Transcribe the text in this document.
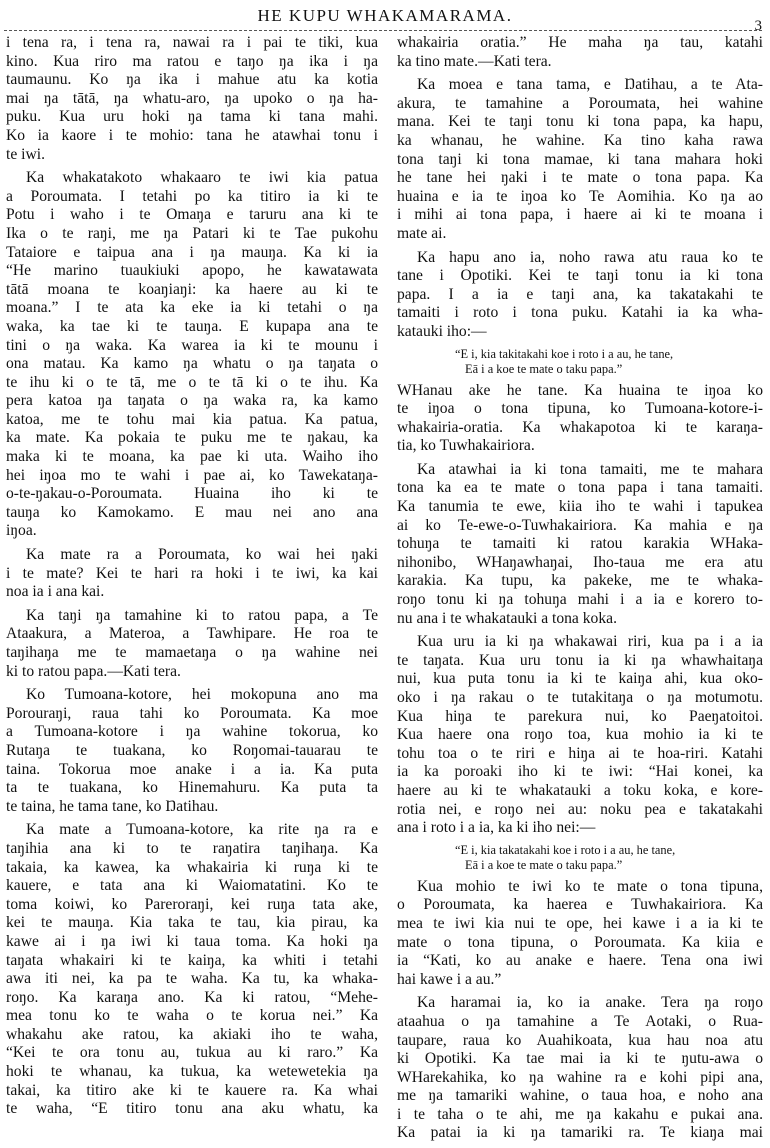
HE KUPU WHAKAMARAMA.
3
i tena ra, i tena ra, nawai ra i pai te tiki, kua
kino. Kua riro ma ratou e taŋo ŋa ika i ŋa
taumaunu. Ko ŋa ika i mahue atu ka kotia
mai ŋa tātā, ŋa whatu-aro, ŋa upoko o ŋa ha-
puku. Kua uru hoki ŋa tama ki tana mahi.
Ko ia kaore i te mohio: tana he atawhai tonu i
te iwi.
Ka whakatakoto whakaaro te iwi kia patua
a Poroumata. I tetahi po ka titiro ia ki te
Potu i waho i te Omaŋa e taruru ana ki te
Ika o te raŋi, me ŋa Patari ki te Tae pukohu
Tataiore e taipua ana i ŋa mauŋa. Ka ki ia
“He marino tuaukiuki apopo, he kawatawata
tātā moana te koaŋiaŋi: ka haere au ki te
moana.” I te ata ka eke ia ki tetahi o ŋa
waka, ka tae ki te tauŋa. E kupapa ana te
tini o ŋa waka. Ka warea ia ki te mounu i
ona matau. Ka kamo ŋa whatu o ŋa taŋata o
te ihu ki o te tā, me o te tā ki o te ihu. Ka
pera katoa ŋa taŋata o ŋa waka ra, ka kamo
katoa, me te tohu mai kia patua. Ka patua,
ka mate. Ka pokaia te puku me te ŋakau, ka
maka ki te moana, ka pae ki uta. Waiho iho
hei iŋoa mo te wahi i pae ai, ko Tawekataŋa-
o-te-ŋakau-o-Poroumata. Huaina iho ki te
tauŋa ko Kamokamo. E mau nei ano ana
iŋoa.
Ka mate ra a Poroumata, ko wai hei ŋaki
i te mate? Kei te hari ra hoki i te iwi, ka kai
noa ia i ana kai.
Ka taŋi ŋa tamahine ki to ratou papa, a Te
Ataakura, a Materoa, a Tawhipare. He roa te
taŋihaŋa me te mamaetaŋa o ŋa wahine nei
ki to ratou papa.—Kati tera.
Ko Tumoana-kotore, hei mokopuna ano ma
Porouraŋi, raua tahi ko Poroumata. Ka moe
a Tumoana-kotore i ŋa wahine tokorua, ko
Rutaŋa te tuakana, ko Roŋomai-tauarau te
taina. Tokorua moe anake i a ia. Ka puta
ta te tuakana, ko Hinemahuru. Ka puta ta
te taina, he tama tane, ko Ŋatihau.
Ka mate a Tumoana-kotore, ka rite ŋa ra e
taŋihia ana ki to te raŋatira taŋihaŋa. Ka
takaia, ka kawea, ka whakairia ki ruŋa ki te
kauere, e tata ana ki Waiomatatini. Ko te
toma koiwi, ko Pareroraŋi, kei ruŋa tata ake,
kei te mauŋa. Kia taka te tau, kia pirau, ka
kawe ai i ŋa iwi ki taua toma. Ka hoki ŋa
taŋata whakairi ki te kaiŋa, ka whiti i tetahi
awa iti nei, ka pa te waha. Ka tu, ka whaka-
roŋo. Ka karaŋa ano. Ka ki ratou, “Mehe-
mea tonu ko te waha o te korua nei.” Ka
whakahu ake ratou, ka akiaki iho te waha,
“Kei te ora tonu au, tukua au ki raro.” Ka
hoki te whanau, ka tukua, ka wetewetekia ŋa
takai, ka titiro ake ki te kauere ra. Ka whai
te waha, “E titiro tonu ana aku whatu, ka
whakairia oratia.” He maha ŋa tau, katahi
ka tino mate.—Kati tera.
Ka moea e tana tama, e Ŋatihau, a te Ata-
akura, te tamahine a Poroumata, hei wahine
mana. Kei te taŋi tonu ki tona papa, ka hapu,
ka whanau, he wahine. Ka tino kaha rawa
tona taŋi ki tona mamae, ki tana mahara hoki
he tane hei ŋaki i te mate o tona papa. Ka
huaina e ia te iŋoa ko Te Aomihia. Ko ŋa ao
i mihi ai tona papa, i haere ai ki te moana i
mate ai.
Ka hapu ano ia, noho rawa atu raua ko te
tane i Opotiki. Kei te taŋi tonu ia ki tona
papa. I a ia e taŋi ana, ka takatakahi te
tamaiti i roto i tona puku. Katahi ia ka wha-
katauki iho:—
“E i, kia takitakahi koe i roto i a au, he tane,
Eā i a koe te mate o taku papa.”
WHanau ake he tane. Ka huaina te iŋoa ko
te iŋoa o tona tipuna, ko Tumoana-kotore-i-
whakairia-oratia. Ka whakapotoa ki te karaŋa-
tia, ko Tuwhakairiora.
Ka atawhai ia ki tona tamaiti, me te mahara
tona ka ea te mate o tona papa i tana tamaiti.
Ka tanumia te ewe, kiia iho te wahi i tapukea
ai ko Te-ewe-o-Tuwhakairiora. Ka mahia e ŋa
tohuŋa te tamaiti ki ratou karakia WHaka-
nihonibo, WHaŋawhaŋai, Iho-taua me era atu
karakia. Ka tupu, ka pakeke, me te whaka-
roŋo tonu ki ŋa tohuŋa mahi i a ia e korero to-
nu ana i te whakatauki a tona koka.
Kua uru ia ki ŋa whakawai riri, kua pa i a ia
te taŋata. Kua uru tonu ia ki ŋa whawhaitaŋa
nui, kua puta tonu ia ki te kaiŋa ahi, kua oko-
oko i ŋa rakau o te tutakitaŋa o ŋa motumotu.
Kua hiŋa te parekura nui, ko Paeŋatoitoi.
Kua haere ona roŋo toa, kua mohio ia ki te
tohu toa o te riri e hiŋa ai te hoa-riri. Katahi
ia ka poroaki iho ki te iwi: “Hai konei, ka
haere au ki te whakatauki a toku koka, e kore-
rotia nei, e roŋo nei au: noku pea e takatakahi
ana i roto i a ia, ka ki iho nei:—
“E i, kia takatakahi koe i roto i a au, he tane,
Eā i a koe te mate o taku papa.”
Kua mohio te iwi ko te mate o tona tipuna,
o Poroumata, ka haerea e Tuwhakairiora. Ka
mea te iwi kia nui te ope, hei kawe i a ia ki te
mate o tona tipuna, o Poroumata. Ka kiia e
ia “Kati, ko au anake e haere. Tena ona iwi
hai kawe i a au.”
Ka haramai ia, ko ia anake. Tera ŋa roŋo
ataahua o ŋa tamahine a Te Aotaki, o Rua-
taupare, raua ko Auahikoata, kua hau noa atu
ki Opotiki. Ka tae mai ia ki te ŋutu-awa o
WHarekahika, ko ŋa wahine ra e kohi pipi ana,
me ŋa tamariki wahine, o taua hoa, e noho ana
i te taha o te ahi, me ŋa kakahu e pukai ana.
Ka patai ia ki ŋa tamariki ra. Te kiaŋa mai
